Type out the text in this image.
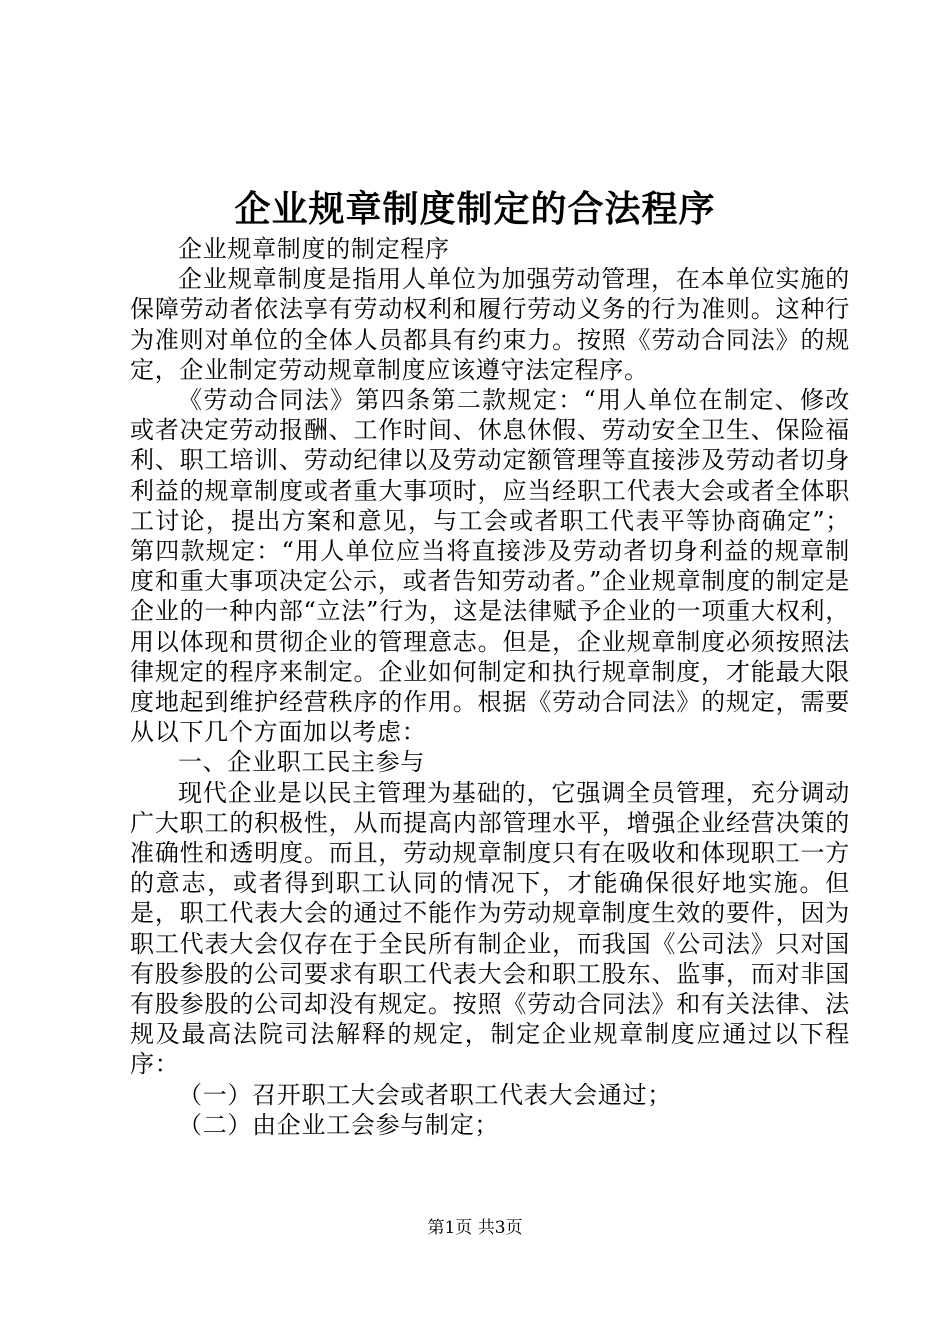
企业规章制度制定的合法程序

企业规章制度的制定程序

企业规章制度是指用人单位为加强劳动管理，在本单位实施的保障劳动者依法享有劳动权利和履行劳动义务的行为准则。这种行为准则对单位的全体人员都具有约束力。按照《劳动合同法》的规定，企业制定劳动规章制度应该遵守法定程序。

《劳动合同法》第四条第二款规定：“用人单位在制定、修改或者决定劳动报酬、工作时间、休息休假、劳动安全卫生、保险福利、职工培训、劳动纪律以及劳动定额管理等直接涉及劳动者切身利益的规章制度或者重大事项时，应当经职工代表大会或者全体职工讨论，提出方案和意见，与工会或者职工代表平等协商确定”；第四款规定：“用人单位应当将直接涉及劳动者切身利益的规章制度和重大事项决定公示，或者告知劳动者。”企业规章制度的制定是企业的一种内部“立法”行为，这是法律赋予企业的一项重大权利，用以体现和贯彻企业的管理意志。但是，企业规章制度必须按照法律规定的程序来制定。企业如何制定和执行规章制度，才能最大限度地起到维护经营秩序的作用。根据《劳动合同法》的规定，需要从以下几个方面加以考虑：

一、企业职工民主参与

现代企业是以民主管理为基础的，它强调全员管理，充分调动广大职工的积极性，从而提高内部管理水平，增强企业经营决策的准确性和透明度。而且，劳动规章制度只有在吸收和体现职工一方的意志，或者得到职工认同的情况下，才能确保很好地实施。但是，职工代表大会的通过不能作为劳动规章制度生效的要件，因为职工代表大会仅存在于全民所有制企业，而我国《公司法》只对国有股参股的公司要求有职工代表大会和职工股东、监事，而对非国有股参股的公司却没有规定。按照《劳动合同法》和有关法律、法规及最高法院司法解释的规定，制定企业规章制度应通过以下程序：

（一）召开职工大会或者职工代表大会通过；

（二）由企业工会参与制定；

第1页 共3页
